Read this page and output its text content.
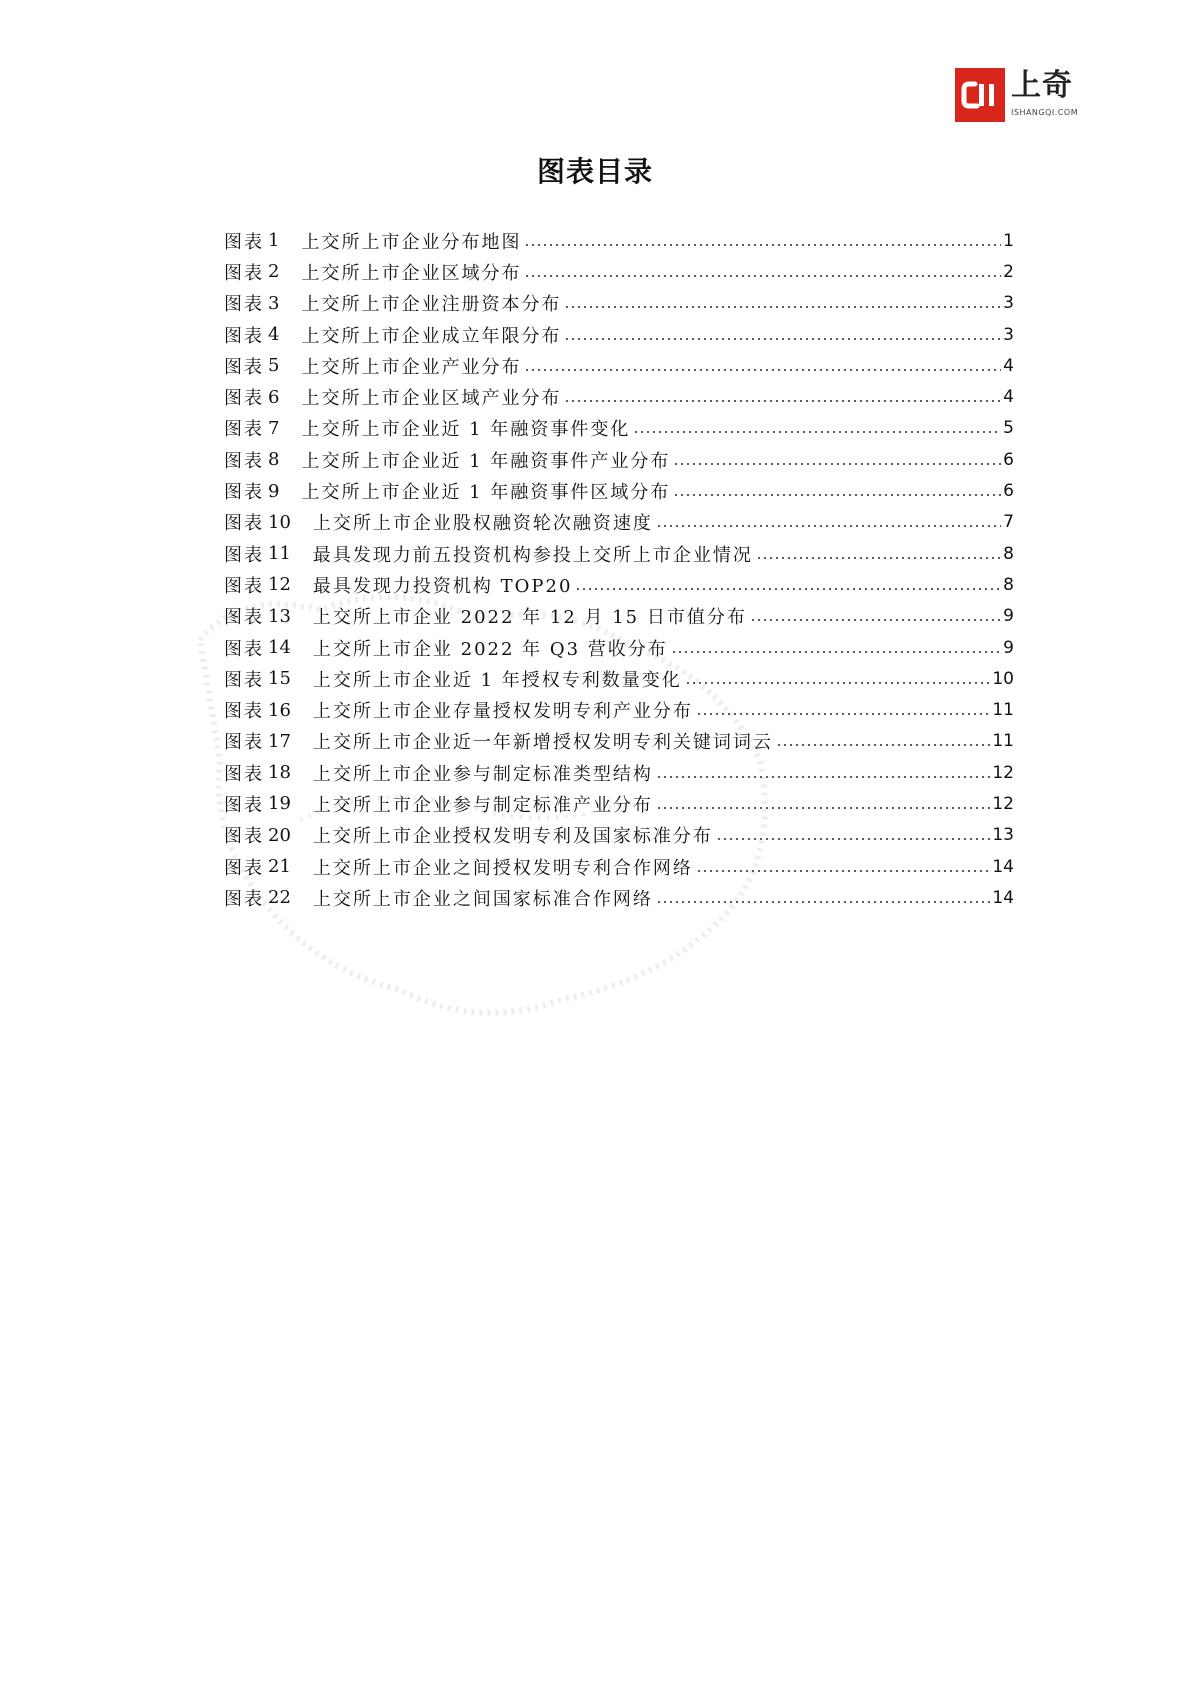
上奇
ISHANGQI.COM
图表目录
图表 1 上交所上市企业分布地图	1
图表 2 上交所上市企业区域分布	2
图表 3 上交所上市企业注册资本分布	3
图表 4 上交所上市企业成立年限分布	3
图表 5 上交所上市企业产业分布	4
图表 6 上交所上市企业区域产业分布	4
图表 7 上交所上市企业近 1 年融资事件变化	5
图表 8 上交所上市企业近 1 年融资事件产业分布	6
图表 9 上交所上市企业近 1 年融资事件区域分布	6
图表 10 上交所上市企业股权融资轮次融资速度	7
图表 11 最具发现力前五投资机构参投上交所上市企业情况	8
图表 12 最具发现力投资机构 TOP20	8
图表 13 上交所上市企业 2022 年 12 月 15 日市值分布	9
图表 14 上交所上市企业 2022 年 Q3 营收分布	9
图表 15 上交所上市企业近 1 年授权专利数量变化	10
图表 16 上交所上市企业存量授权发明专利产业分布	11
图表 17 上交所上市企业近一年新增授权发明专利关键词词云	11
图表 18 上交所上市企业参与制定标准类型结构	12
图表 19 上交所上市企业参与制定标准产业分布	12
图表 20 上交所上市企业授权发明专利及国家标准分布	13
图表 21 上交所上市企业之间授权发明专利合作网络	14
图表 22 上交所上市企业之间国家标准合作网络	14
